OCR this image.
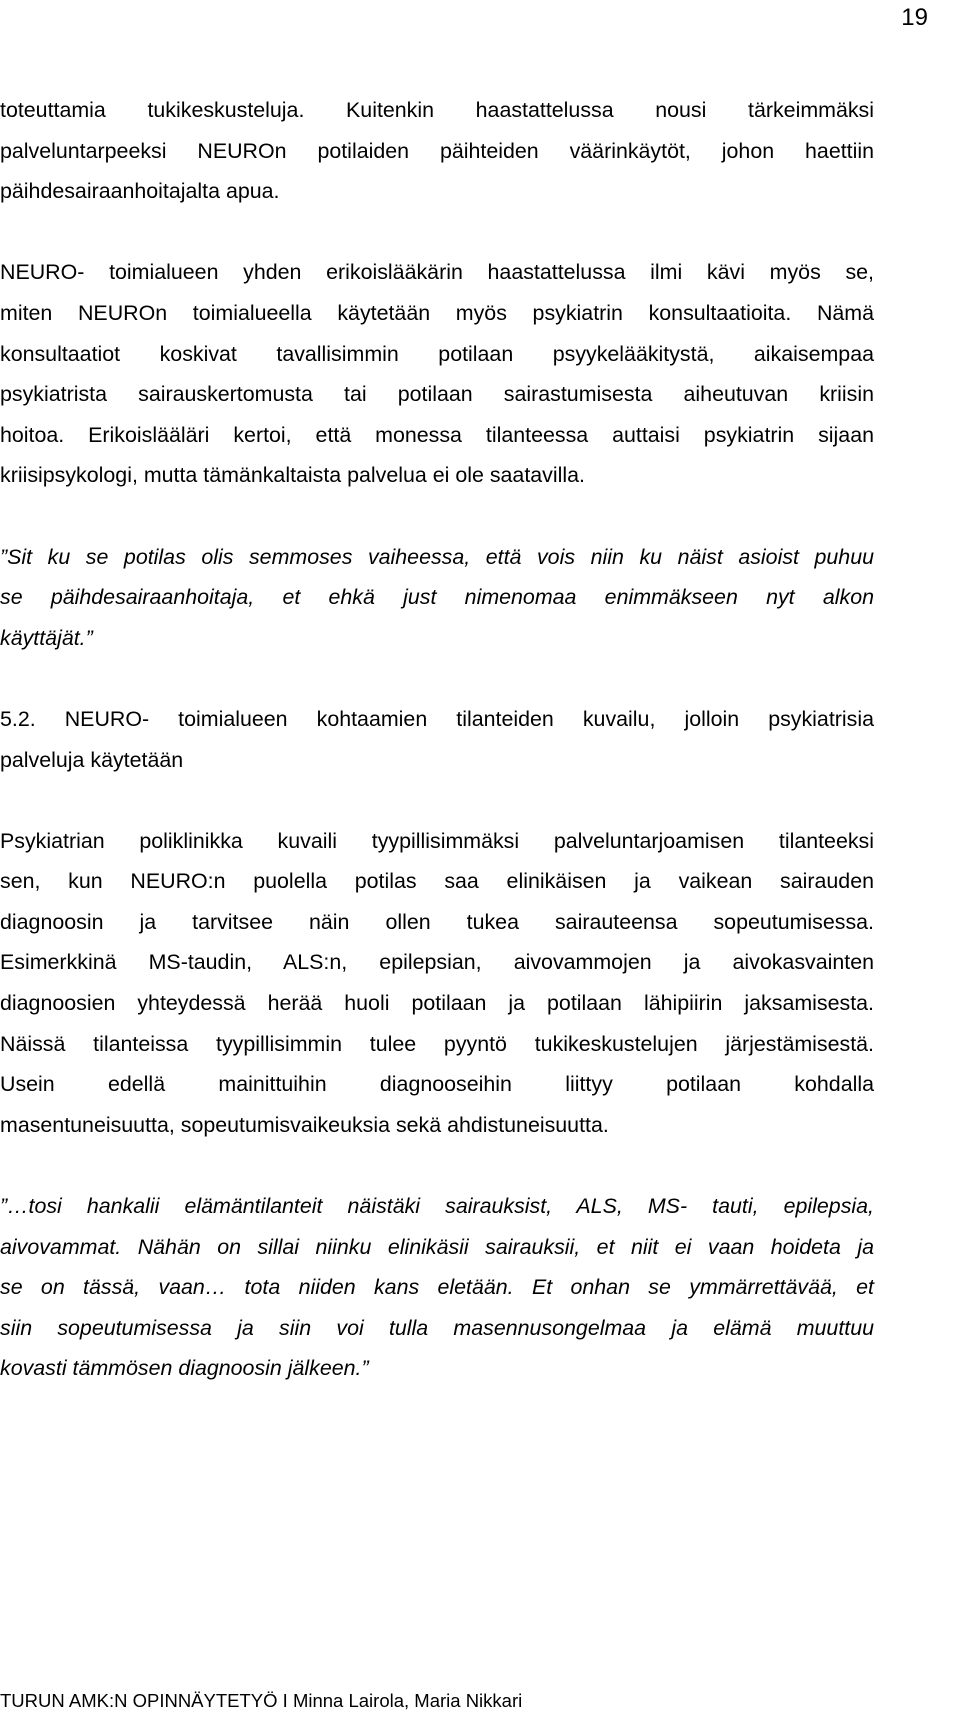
19
toteuttamia tukikeskusteluja. Kuitenkin haastattelussa nousi tärkeimmäksi
palveluntarpeeksi NEUROn potilaiden päihteiden väärinkäytöt, johon haettiin
päihdesairaanhoitajalta apua.
NEURO- toimialueen yhden erikoislääkärin haastattelussa ilmi kävi myös se,
miten NEUROn toimialueella käytetään myös psykiatrin konsultaatioita. Nämä
konsultaatiot koskivat tavallisimmin potilaan psyykelääkitystä, aikaisempaa
psykiatrista sairauskertomusta tai potilaan sairastumisesta aiheutuvan kriisin
hoitoa. Erikoislääläri kertoi, että monessa tilanteessa auttaisi psykiatrin sijaan
kriisipsykologi, mutta tämänkaltaista palvelua ei ole saatavilla.
”Sit ku se potilas olis semmoses vaiheessa, että vois niin ku näist asioist puhuu
se päihdesairaanhoitaja, et ehkä just nimenomaa enimmäkseen nyt alkon
käyttäjät.”
5.2. NEURO- toimialueen kohtaamien tilanteiden kuvailu, jolloin psykiatrisia
palveluja käytetään
Psykiatrian poliklinikka kuvaili tyypillisimmäksi palveluntarjoamisen tilanteeksi
sen, kun NEURO:n puolella potilas saa elinikäisen ja vaikean sairauden
diagnoosin ja tarvitsee näin ollen tukea sairauteensa sopeutumisessa.
Esimerkkinä MS-taudin, ALS:n, epilepsian, aivovammojen ja aivokasvainten
diagnoosien yhteydessä herää huoli potilaan ja potilaan lähipiirin jaksamisesta.
Näissä tilanteissa tyypillisimmin tulee pyyntö tukikeskustelujen järjestämisestä.
Usein edellä mainittuihin diagnooseihin liittyy potilaan kohdalla
masentuneisuutta, sopeutumisvaikeuksia sekä ahdistuneisuutta.
”…tosi hankalii elämäntilanteit näistäki sairauksist, ALS, MS- tauti, epilepsia,
aivovammat. Nähän on sillai niinku elinikäsii sairauksii, et niit ei vaan hoideta ja
se on tässä, vaan… tota niiden kans eletään. Et onhan se ymmärrettävää, et
siin sopeutumisessa ja siin voi tulla masennusongelmaa ja elämä muuttuu
kovasti tämmösen diagnoosin jälkeen.”
TURUN AMK:N OPINNÄYTETYÖ I Minna Lairola, Maria Nikkari
